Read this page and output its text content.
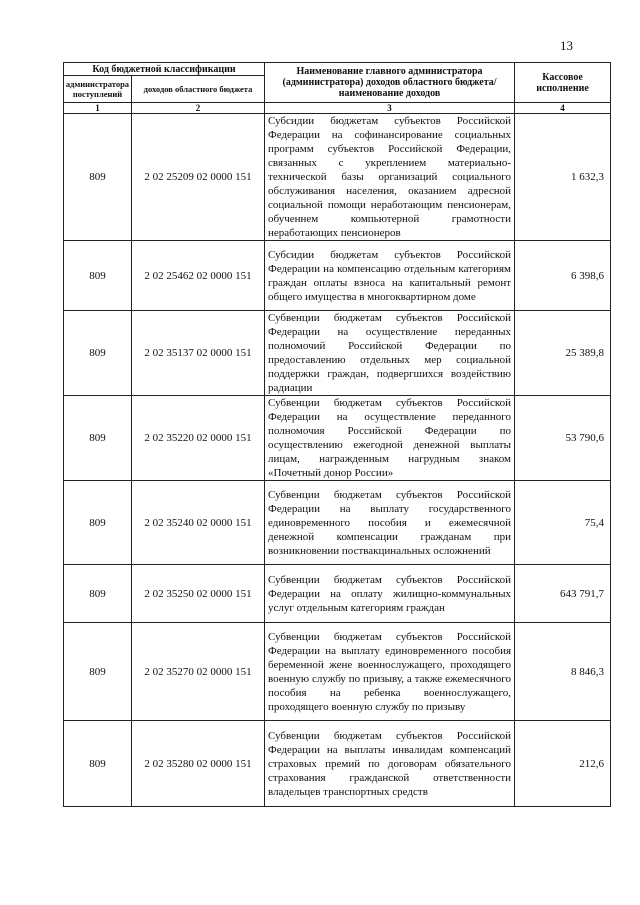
13
Код бюджетной классификации		Наименование главного администратора (администратора) доходов областного бюджета/ наименование доходов	Кассовое исполнение
администратора поступлений	доходов областного бюджета		
1	2	3	4
809	2 02 25209 02 0000 151	Субсидии бюджетам субъектов Российской Федерации на софинансирование социальных программ субъектов Российской Федерации, связанных с укреплением материально-технической базы организаций социального обслуживания населения, оказанием адресной социальной помощи неработающим пенсионерам, обученнем компьютерной грамотности неработающих пенсионеров	1 632,3
809	2 02 25462 02 0000 151	Субсидии бюджетам субъектов Российской Федерации на компенсацию отдельным категориям граждан оплаты взноса на капитальный ремонт общего имущества в многоквартирном доме	6 398,6
809	2 02 35137 02 0000 151	Субвенции бюджетам субъектов Российской Федерации на осуществление переданных полномочий Российской Федерации по предоставлению отдельных мер социальной поддержки граждан, подвергшихся воздействию радиации	25 389,8
809	2 02 35220 02 0000 151	Субвенции бюджетам субъектов Российской Федерации на осуществление переданного полномочия Российской Федерации по осуществлению ежегодной денежной выплаты лицам, награжденным нагрудным знаком «Почетный донор России»	53 790,6
809	2 02 35240 02 0000 151	Субвенции бюджетам субъектов Российской Федерации на выплату государственного единовременного пособия и ежемесячной денежной компенсации гражданам при возникновении поствакцинальных осложнений	75,4
809	2 02 35250 02 0000 151	Субвенции бюджетам субъектов Российской Федерации на оплату жилищно-коммунальных услуг отдельным категориям граждан	643 791,7
809	2 02 35270 02 0000 151	Субвенции бюджетам субъектов Российской Федерации на выплату единовременного пособия беременной жене военнослужащего, проходящего военную службу по призыву, а также ежемесячного пособия на ребенка военнослужащего, проходящего военную службу по призыву	8 846,3
809	2 02 35280 02 0000 151	Субвенции бюджетам субъектов Российской Федерации на выплаты инвалидам компенсаций страховых премий по договорам обязательного страхования гражданской ответственности владельцев транспортных средств	212,6
